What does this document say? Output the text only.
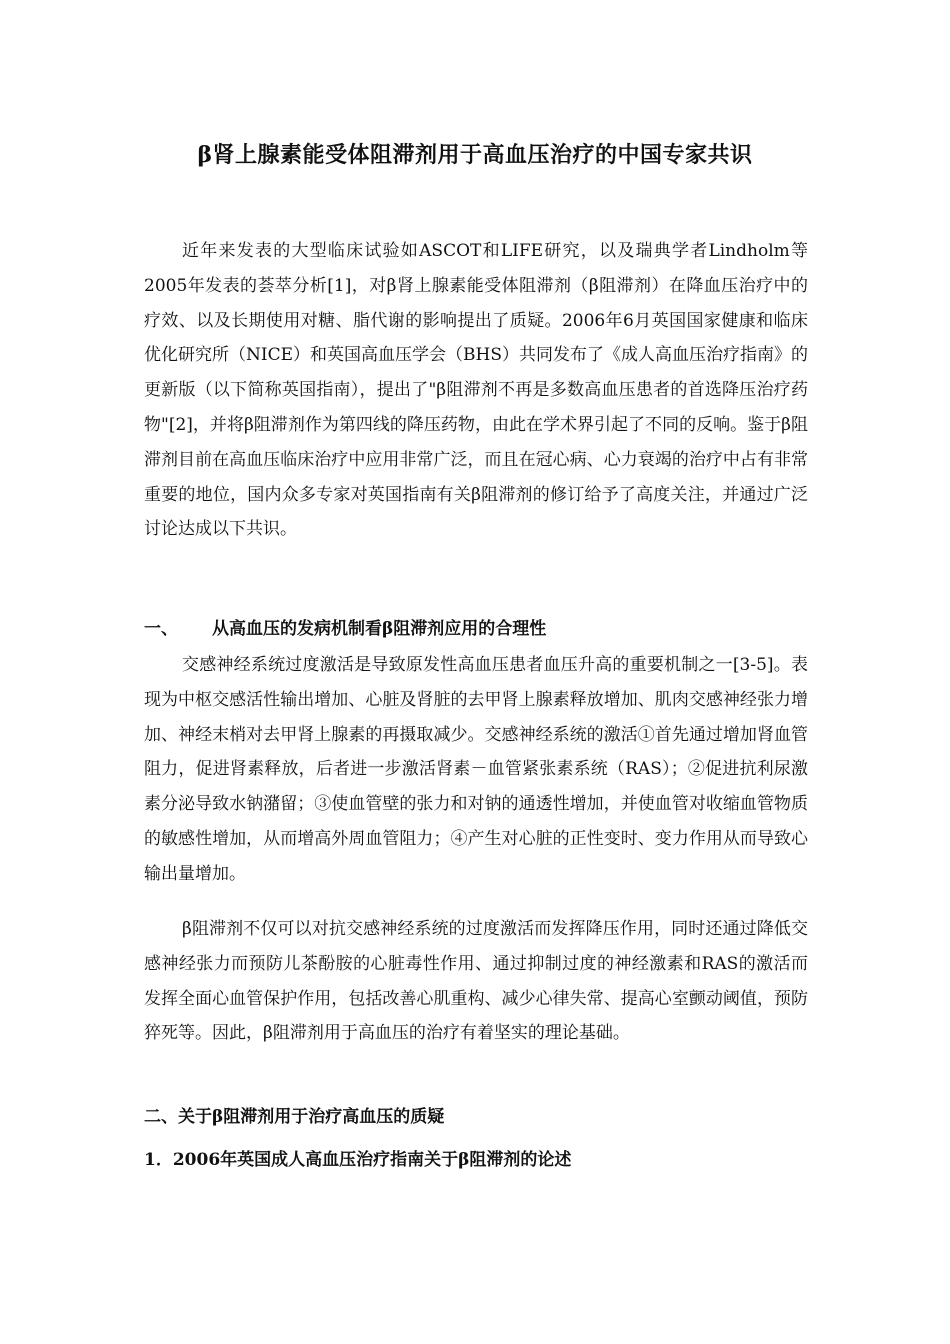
β肾上腺素能受体阻滞剂用于高血压治疗的中国专家共识

近年来发表的大型临床试验如ASCOT和LIFE研究，以及瑞典学者Lindholm等2005年发表的荟萃分析[1]，对β肾上腺素能受体阻滞剂（β阻滞剂）在降血压治疗中的疗效、以及长期使用对糖、脂代谢的影响提出了质疑。2006年6月英国国家健康和临床优化研究所（NICE）和英国高血压学会（BHS）共同发布了《成人高血压治疗指南》的更新版（以下简称英国指南），提出了"β阻滞剂不再是多数高血压患者的首选降压治疗药物"[2]，并将β阻滞剂作为第四线的降压药物，由此在学术界引起了不同的反响。鉴于β阻滞剂目前在高血压临床治疗中应用非常广泛，而且在冠心病、心力衰竭的治疗中占有非常重要的地位，国内众多专家对英国指南有关β阻滞剂的修订给予了高度关注，并通过广泛讨论达成以下共识。

一、 从高血压的发病机制看β阻滞剂应用的合理性

交感神经系统过度激活是导致原发性高血压患者血压升高的重要机制之一[3-5]。表现为中枢交感活性输出增加、心脏及肾脏的去甲肾上腺素释放增加、肌肉交感神经张力增加、神经末梢对去甲肾上腺素的再摄取减少。交感神经系统的激活①首先通过增加肾血管阻力，促进肾素释放，后者进一步激活肾素－血管紧张素系统（RAS）；②促进抗利尿激素分泌导致水钠潴留；③使血管壁的张力和对钠的通透性增加，并使血管对收缩血管物质的敏感性增加，从而增高外周血管阻力；④产生对心脏的正性变时、变力作用从而导致心输出量增加。

β阻滞剂不仅可以对抗交感神经系统的过度激活而发挥降压作用，同时还通过降低交感神经张力而预防儿茶酚胺的心脏毒性作用、通过抑制过度的神经激素和RAS的激活而发挥全面心血管保护作用，包括改善心肌重构、减少心律失常、提高心室颤动阈值，预防猝死等。因此，β阻滞剂用于高血压的治疗有着坚实的理论基础。

二、关于β阻滞剂用于治疗高血压的质疑

1．2006年英国成人高血压治疗指南关于β阻滞剂的论述
